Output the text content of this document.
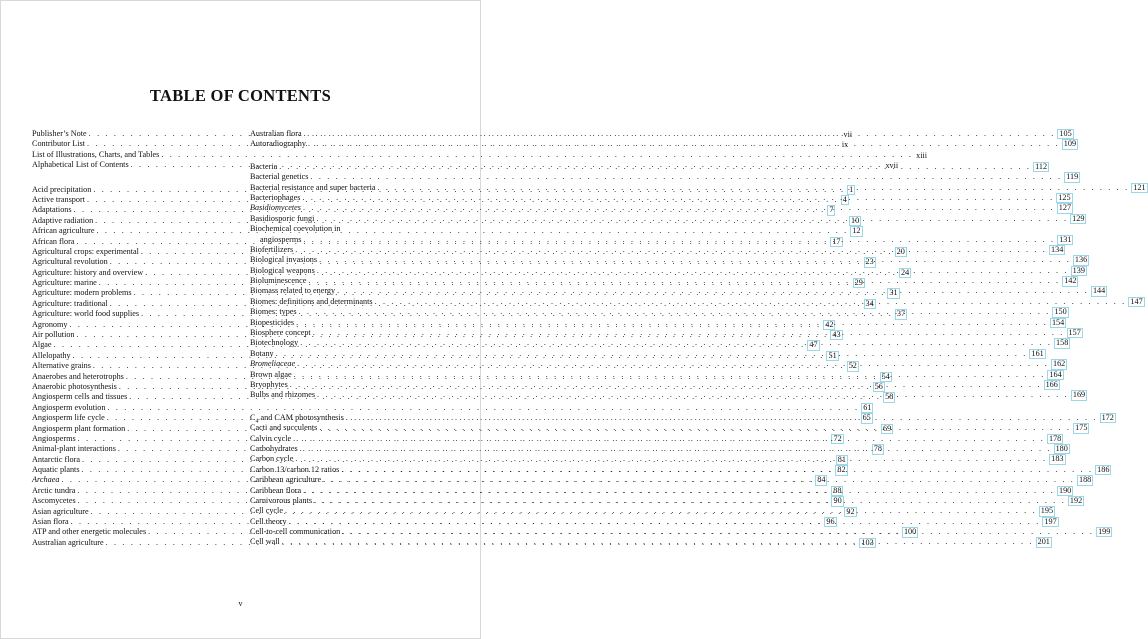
TABLE OF CONTENTS
Publisher’s Note . . .	vii
Contributor List . . .	ix
List of Illustrations, Charts, and Tables . . .	xiii
Alphabetical List of Contents . . .	xvii
Acid precipitation . . .	1
Active transport . . .	4
Adaptations . . .	7
Adaptive radiation . . .	10
African agriculture . . .	12
African flora . . .	17
Agricultural crops: experimental . . .	20
Agricultural revolution . . .	23
Agriculture: history and overview . . .	24
Agriculture: marine . . .	29
Agriculture: modern problems . . .	31
Agriculture: traditional . . .	34
Agriculture: world food supplies . . .	37
Agronomy . . .	42
Air pollution . . .	43
Algae . . .	47
Allelopathy . . .	51
Alternative grains . . .	52
Anaerobes and heterotrophs . . .	54
Anaerobic photosynthesis . . .	56
Angiosperm cells and tissues . . .	58
Angiosperm evolution . . .	61
Angiosperm life cycle . . .	65
Angiosperm plant formation . . .	69
Angiosperms . . .	72
Animal-plant interactions . . .	78
Antarctic flora . . .	81
Aquatic plants . . .	82
Archaea . . .	84
Arctic tundra . . .	88
Ascomycetes . . .	90
Asian agriculture . . .	92
Asian flora . . .	96
ATP and other energetic molecules . . .	100
Australian agriculture . . .	103
Australian flora . . .	105
Autoradiography . . .	109
Bacteria . . .	112
Bacterial genetics . . .	119
Bacterial resistance and super bacteria . . .	121
Bacteriophages . . .	125
Basidiomycetes . . .	127
Basidiosporic fungi . . .	129
Biochemical coevolution in
angiosperms . . .	131
Biofertilizers . . .	134
Biological invasions . . .	136
Biological weapons . . .	139
Bioluminescence . . .	142
Biomass related to energy . . .	144
Biomes: definitions and determinants . . .	147
Biomes: types . . .	150
Biopesticides . . .	154
Biosphere concept . . .	157
Biotechnology . . .	158
Botany . . .	161
Bromeliaceae . . .	162
Brown algae . . .	164
Bryophytes . . .	166
Bulbs and rhizomes . . .	169
$C_4$ and CAM photosynthesis . . .	172
Cacti and succulents . . .	175
Calvin cycle . . .	178
Carbohydrates . . .	180
Carbon cycle . . .	183
Carbon 13/carbon 12 ratios . . .	186
Caribbean agriculture . . .	188
Caribbean flora . . .	190
Carnivorous plants . . .	192
Cell cycle . . .	195
Cell theory . . .	197
Cell-to-cell communication . . .	199
Cell wall . . .	201
v
